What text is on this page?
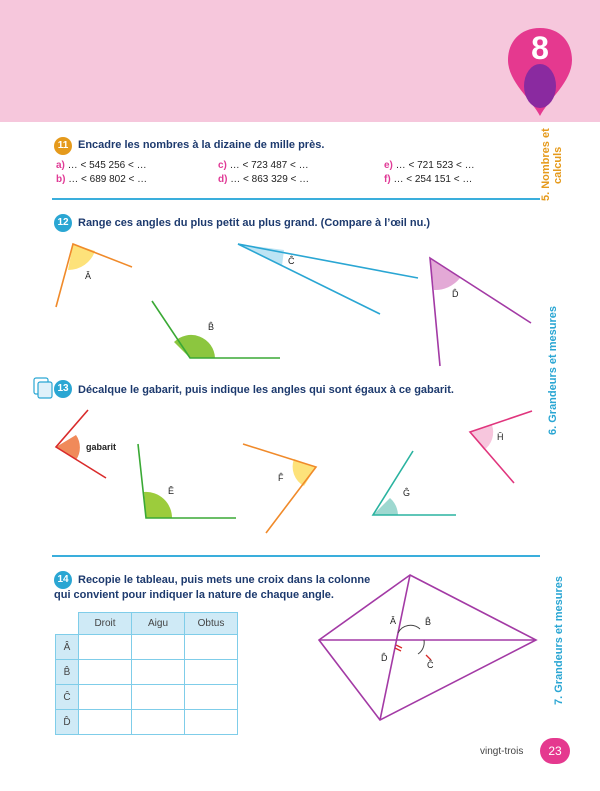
8
5. Nombres et calculs
6. Grandeurs et mesures
7. Grandeurs et mesures
11 Encadre les nombres à la dizaine de mille près.
a) … < 545 256 < …
b) … < 689 802 < …
c) … < 723 487 < …
d) … < 863 329 < …
e) … < 721 523 < …
f) … < 254 151 < …
12 Range ces angles du plus petit au plus grand. (Compare à l’œil nu.)
Â
B̂
Ĉ
D̂
13 Décalque le gabarit, puis indique les angles qui sont égaux à ce gabarit.
gabarit
Ê
F̂
Ĝ
Ĥ
14 Recopie le tableau, puis mets une croix dans la colonne
qui convient pour indiquer la nature de chaque angle.
	Droit	Aigu	Obtus
Â			
B̂			
Ĉ			
D̂			
Â	B̂
D̂
Ĉ
vingt-trois	23
